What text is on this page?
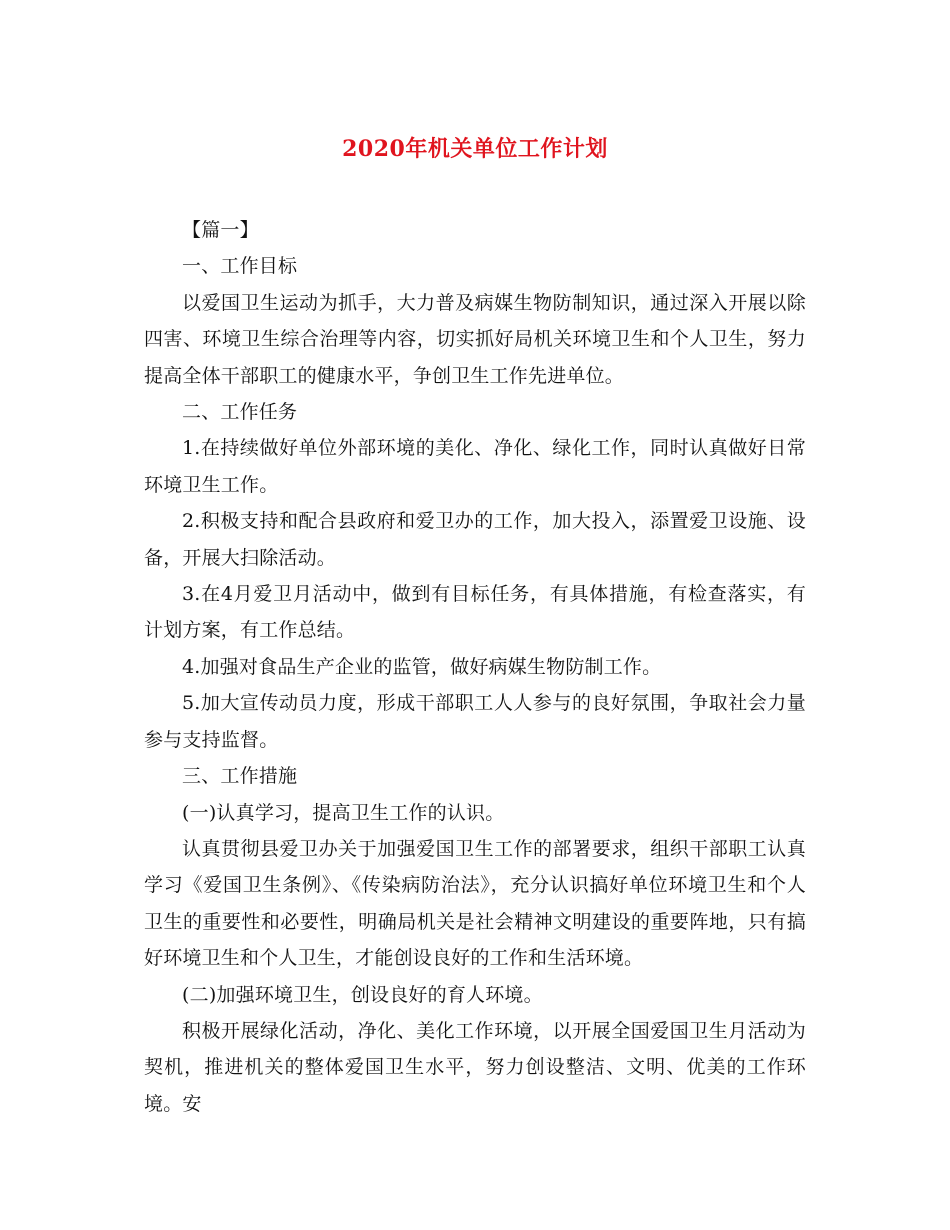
2020年机关单位工作计划

【篇一】

一、工作目标

以爱国卫生运动为抓手，大力普及病媒生物防制知识，通过深入开展以除四害、环境卫生综合治理等内容，切实抓好局机关环境卫生和个人卫生，努力提高全体干部职工的健康水平，争创卫生工作先进单位。

二、工作任务

1.在持续做好单位外部环境的美化、净化、绿化工作，同时认真做好日常环境卫生工作。

2.积极支持和配合县政府和爱卫办的工作，加大投入，添置爱卫设施、设备，开展大扫除活动。

3.在4月爱卫月活动中，做到有目标任务，有具体措施，有检查落实，有计划方案，有工作总结。

4.加强对食品生产企业的监管，做好病媒生物防制工作。

5.加大宣传动员力度，形成干部职工人人参与的良好氛围，争取社会力量参与支持监督。

三、工作措施

(一)认真学习，提高卫生工作的认识。

认真贯彻县爱卫办关于加强爱国卫生工作的部署要求，组织干部职工认真学习《爱国卫生条例》、《传染病防治法》，充分认识搞好单位环境卫生和个人卫生的重要性和必要性，明确局机关是社会精神文明建设的重要阵地，只有搞好环境卫生和个人卫生，才能创设良好的工作和生活环境。

(二)加强环境卫生，创设良好的育人环境。

积极开展绿化活动，净化、美化工作环境，以开展全国爱国卫生月活动为契机，推进机关的整体爱国卫生水平，努力创设整洁、文明、优美的工作环境。安
